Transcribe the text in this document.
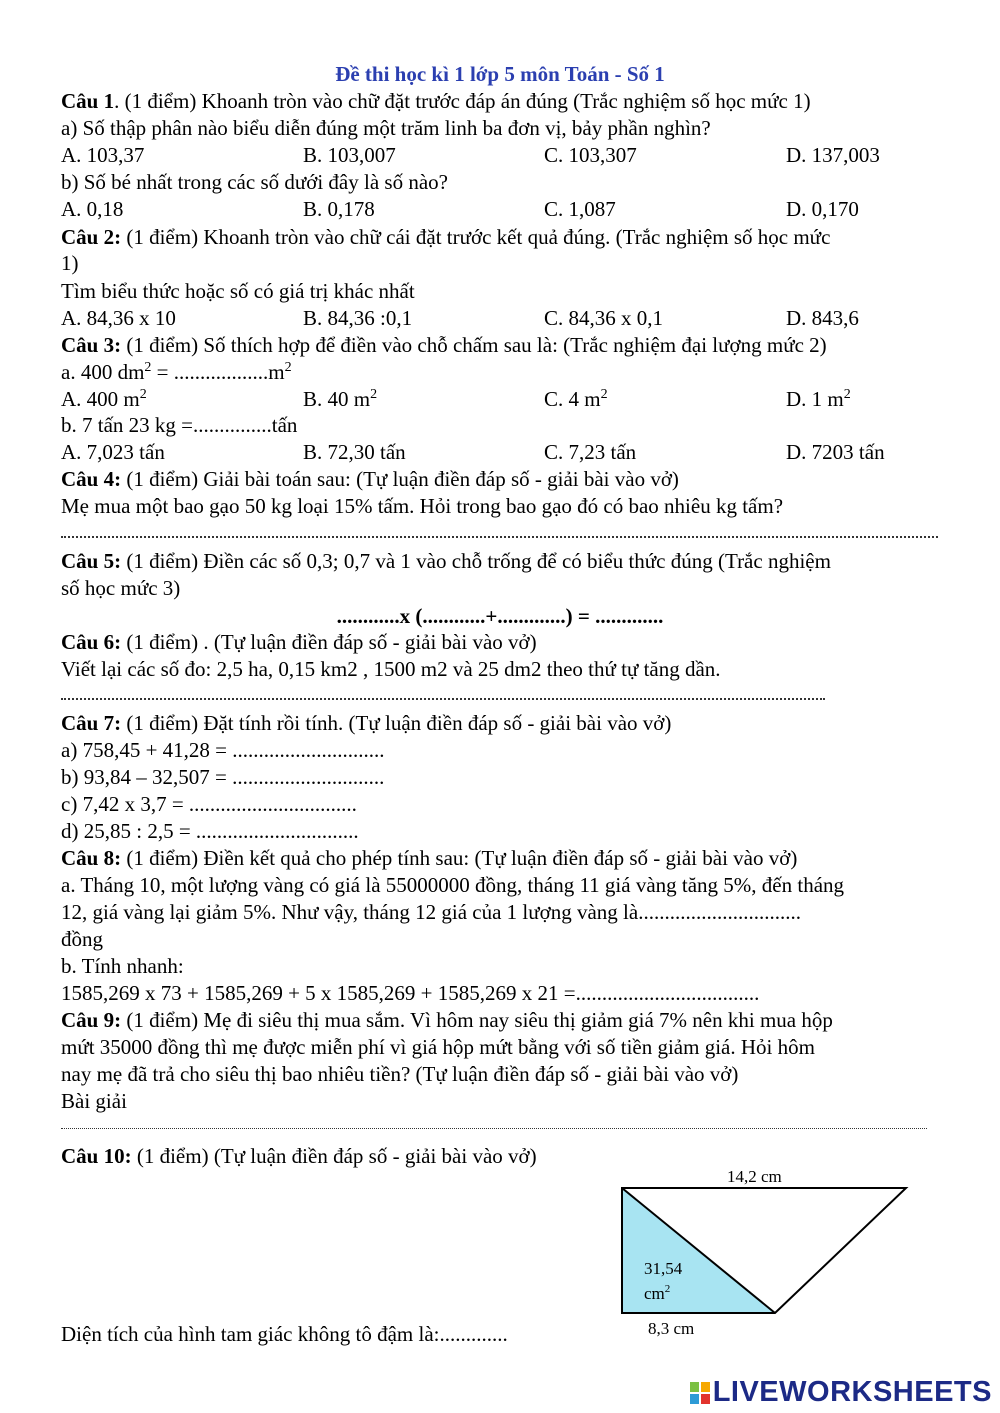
Đề thi học kì 1 lớp 5 môn Toán - Số 1
Câu 1. (1 điểm) Khoanh tròn vào chữ đặt trước đáp án đúng (Trắc nghiệm số học mức 1)
a) Số thập phân nào biểu diễn đúng một trăm linh ba đơn vị, bảy phần nghìn?
A. 103,37	B. 103,007	C. 103,307	D. 137,003
b) Số bé nhất trong các số dưới đây là số nào?
A. 0,18	B. 0,178	C. 1,087	D. 0,170
Câu 2: (1 điểm) Khoanh tròn vào chữ cái đặt trước kết quả đúng. (Trắc nghiệm số học mức
1)
Tìm biểu thức hoặc số có giá trị khác nhất
A. 84,36 x 10	B. 84,36 :0,1	C. 84,36 x 0,1	D. 843,6
Câu 3: (1 điểm) Số thích hợp để điền vào chỗ chấm sau là: (Trắc nghiệm đại lượng mức 2)
a. 400 $dm^2 = ..................m^2$
A. 400 $m^2$	B. 40 $m^2$	C. 4 $m^2$	D. 1 $m^2$
b. 7 tấn 23 kg =...............tấn
A. 7,023 tấn	B. 72,30 tấn	C. 7,23 tấn	D. 7203 tấn
Câu 4: (1 điểm) Giải bài toán sau: (Tự luận điền đáp số - giải bài vào vở)
Mẹ mua một bao gạo 50 kg loại 15% tấm. Hỏi trong bao gạo đó có bao nhiêu kg tấm?
Câu 5: (1 điểm) Điền các số 0,3; 0,7 và 1 vào chỗ trống để có biểu thức đúng (Trắc nghiệm
số học mức 3)
............x (............+.............) = .............
Câu 6: (1 điểm) . (Tự luận điền đáp số - giải bài vào vở)
Viết lại các số đo: 2,5 ha, 0,15 km2 , 1500 m2 và 25 dm2 theo thứ tự tăng dần.
Câu 7: (1 điểm) Đặt tính rồi tính. (Tự luận điền đáp số - giải bài vào vở)
a) 758,45 + 41,28 = .............................
b) 93,84 – 32,507 = .............................
c) 7,42 x 3,7 = ................................
d) 25,85 : 2,5 = ...............................
Câu 8: (1 điểm) Điền kết quả cho phép tính sau: (Tự luận điền đáp số - giải bài vào vở)
a. Tháng 10, một lượng vàng có giá là 55000000 đồng, tháng 11 giá vàng tăng 5%, đến tháng
12, giá vàng lại giảm 5%. Như vậy, tháng 12 giá của 1 lượng vàng là...............................
đồng
b. Tính nhanh:
1585,269 x 73 + 1585,269 + 5 x 1585,269 + 1585,269 x 21 =...................................
Câu 9: (1 điểm) Mẹ đi siêu thị mua sắm. Vì hôm nay siêu thị giảm giá 7% nên khi mua hộp
mứt 35000 đồng thì mẹ được miễn phí vì giá hộp mứt bằng với số tiền giảm giá. Hỏi hôm
nay mẹ đã trả cho siêu thị bao nhiêu tiền? (Tự luận điền đáp số - giải bài vào vở)
Bài giải
Câu 10: (1 điểm) (Tự luận điền đáp số - giải bài vào vở)
Diện tích của hình tam giác không tô đậm là:.............
14,2 cm
31,54
$cm^2$
8,3 cm
LIVEWORKSHEETS
